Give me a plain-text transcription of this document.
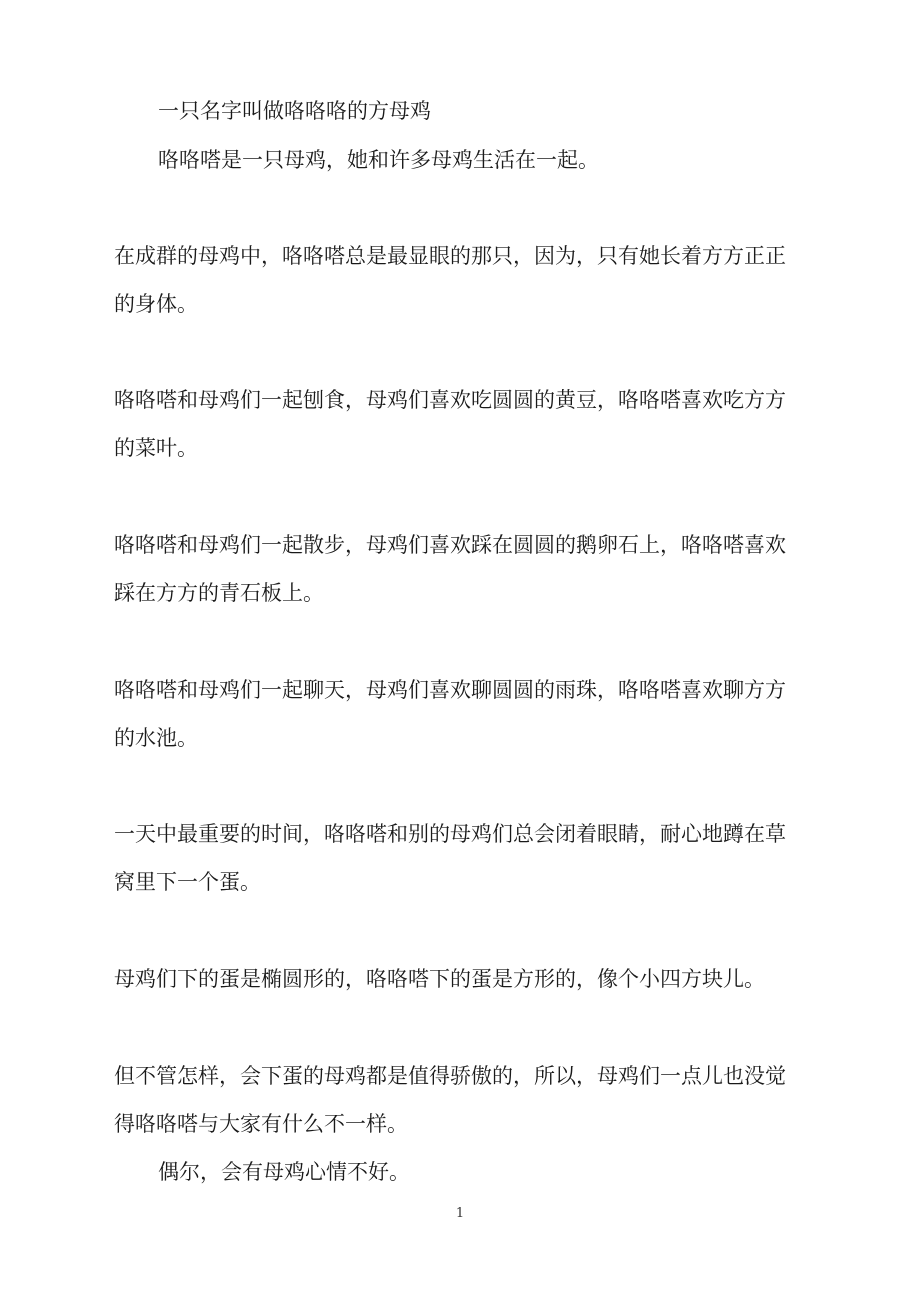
一只名字叫做咯咯咯的方母鸡

咯咯嗒是一只母鸡，她和许多母鸡生活在一起。

在成群的母鸡中，咯咯嗒总是最显眼的那只，因为，只有她长着方方正正的身体。

咯咯嗒和母鸡们一起刨食，母鸡们喜欢吃圆圆的黄豆，咯咯嗒喜欢吃方方的菜叶。

咯咯嗒和母鸡们一起散步，母鸡们喜欢踩在圆圆的鹅卵石上，咯咯嗒喜欢踩在方方的青石板上。

咯咯嗒和母鸡们一起聊天，母鸡们喜欢聊圆圆的雨珠，咯咯嗒喜欢聊方方的水池。

一天中最重要的时间，咯咯嗒和别的母鸡们总会闭着眼睛，耐心地蹲在草窝里下一个蛋。

母鸡们下的蛋是椭圆形的，咯咯嗒下的蛋是方形的，像个小四方块儿。

但不管怎样，会下蛋的母鸡都是值得骄傲的，所以，母鸡们一点儿也没觉得咯咯嗒与大家有什么不一样。

偶尔，会有母鸡心情不好。

1
